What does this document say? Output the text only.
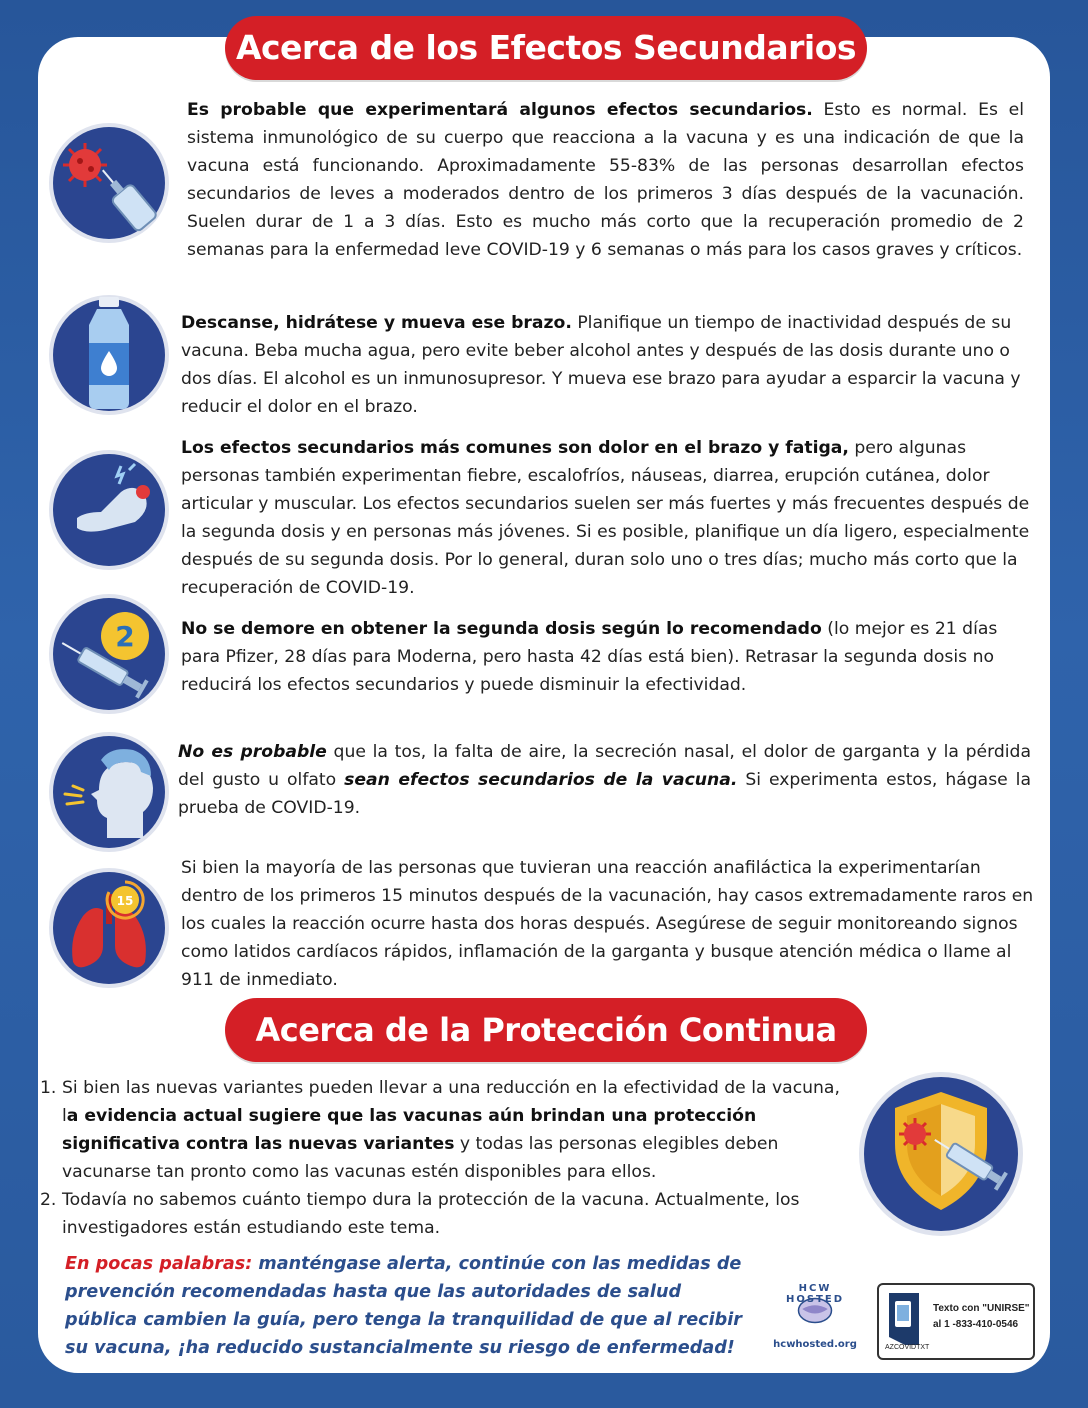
Acerca de los Efectos Secundarios
2
15
Es probable que experimentará algunos efectos secundarios. Esto es normal. Es el sistema inmunológico de su cuerpo que reacciona a la vacuna y es una indicación de que la vacuna está funcionando. Aproximadamente 55-83% de las personas desarrollan efectos secundarios de leves a moderados dentro de los primeros 3 días después de la vacunación. Suelen durar de 1 a 3 días. Esto es mucho más corto que la recuperación promedio de 2 semanas para la enfermedad leve COVID-19 y 6 semanas o más para los casos graves y críticos.
Descanse, hidrátese y mueva ese brazo. Planifique un tiempo de inactividad después de su vacuna. Beba mucha agua, pero evite beber alcohol antes y después de las dosis durante uno o dos días. El alcohol es un inmunosupresor. Y mueva ese brazo para ayudar a esparcir la vacuna y reducir el dolor en el brazo.
Los efectos secundarios más comunes son dolor en el brazo y fatiga, pero algunas personas también experimentan fiebre, escalofríos, náuseas, diarrea, erupción cutánea, dolor articular y muscular. Los efectos secundarios suelen ser más fuertes y más frecuentes después de la segunda dosis y en personas más jóvenes. Si es posible, planifique un día ligero, especialmente después de su segunda dosis. Por lo general, duran solo uno o tres días; mucho más corto que la recuperación de COVID-19.
No se demore en obtener la segunda dosis según lo recomendado (lo mejor es 21 días para Pfizer, 28 días para Moderna, pero hasta 42 días está bien). Retrasar la segunda dosis no reducirá los efectos secundarios y puede disminuir la efectividad.
No es probable que la tos, la falta de aire, la secreción nasal, el dolor de garganta y la pérdida del gusto u olfato sean efectos secundarios de la vacuna. Si experimenta estos, hágase la prueba de COVID-19.
Si bien la mayoría de las personas que tuvieran una reacción anafiláctica la experimentarían dentro de los primeros 15 minutos después de la vacunación, hay casos extremadamente raros en los cuales la reacción ocurre hasta dos horas después. Asegúrese de seguir monitoreando signos como latidos cardíacos rápidos, inflamación de la garganta y busque atención médica o llame al 911 de inmediato.
Acerca de la Protección Continua
1. Si bien las nuevas variantes pueden llevar a una reducción en la efectividad de la vacuna, la evidencia actual sugiere que las vacunas aún brindan una protección significativa contra las nuevas variantes y todas las personas elegibles deben vacunarse tan pronto como las vacunas estén disponibles para ellos.
2. Todavía no sabemos cuánto tiempo dura la protección de la vacuna. Actualmente, los investigadores están estudiando este tema.
En pocas palabras: manténgase alerta, continúe con las medidas de prevención recomendadas hasta que las autoridades de salud pública cambien la guía, pero tenga la tranquilidad de que al recibir su vacuna, ¡ha reducido sustancialmente su riesgo de enfermedad!
HCW HOSTED
hcwhosted.org
Texto con "UNIRSE"
al 1 -833-410-0546
AZCOVIDTXT
